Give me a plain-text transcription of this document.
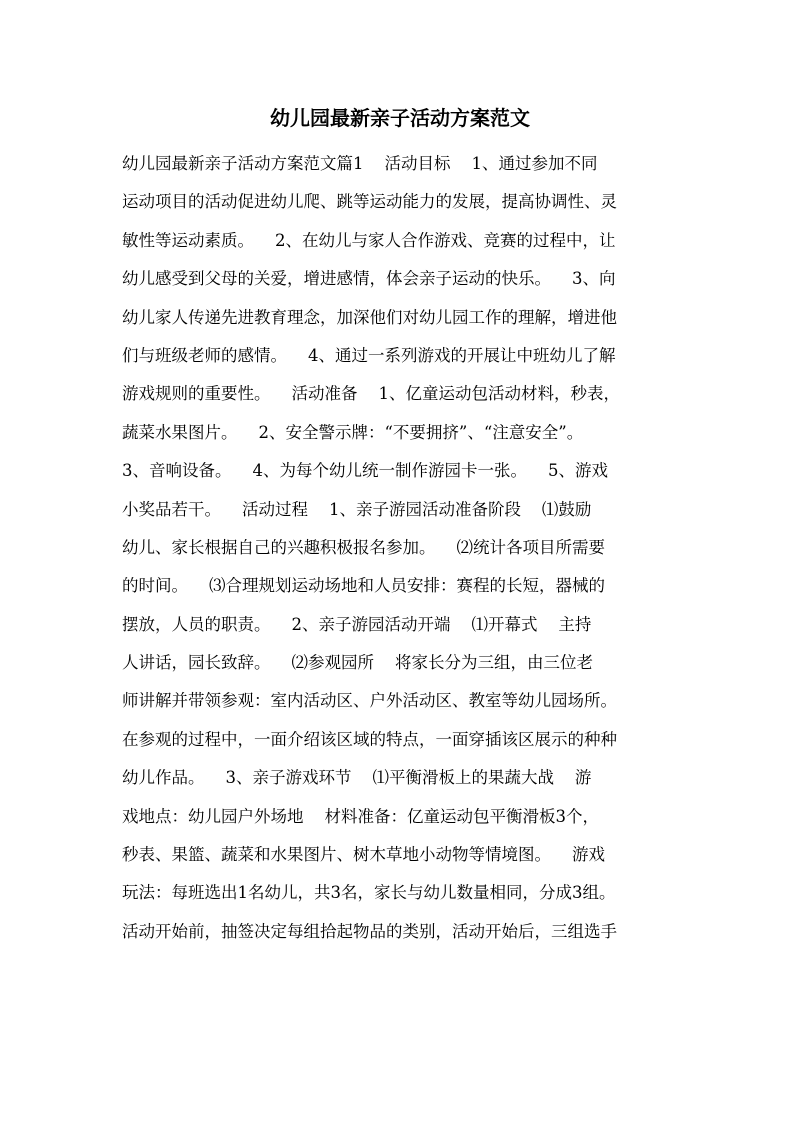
幼儿园最新亲子活动方案范文
幼儿园最新亲子活动方案范文篇1    活动目标    1、通过参加不同
运动项目的活动促进幼儿爬、跳等运动能力的发展，提高协调性、灵
敏性等运动素质。    2、在幼儿与家人合作游戏、竞赛的过程中，让
幼儿感受到父母的关爱，增进感情，体会亲子运动的快乐。    3、向
幼儿家人传递先进教育理念，加深他们对幼儿园工作的理解，增进他
们与班级老师的感情。    4、通过一系列游戏的开展让中班幼儿了解
游戏规则的重要性。    活动准备    1、亿童运动包活动材料，秒表，
蔬菜水果图片。    2、安全警示牌：“不要拥挤”、“注意安全”。
3、音响设备。    4、为每个幼儿统一制作游园卡一张。    5、游戏
小奖品若干。    活动过程    1、亲子游园活动准备阶段    ⑴鼓励
幼儿、家长根据自己的兴趣积极报名参加。    ⑵统计各项目所需要
的时间。    ⑶合理规划运动场地和人员安排：赛程的长短，器械的
摆放，人员的职责。    2、亲子游园活动开端    ⑴开幕式    主持
人讲话，园长致辞。    ⑵参观园所    将家长分为三组，由三位老
师讲解并带领参观：室内活动区、户外活动区、教室等幼儿园场所。
在参观的过程中，一面介绍该区域的特点，一面穿插该区展示的种种
幼儿作品。    3、亲子游戏环节    ⑴平衡滑板上的果蔬大战    游
戏地点：幼儿园户外场地    材料准备：亿童运动包平衡滑板3个，
秒表、果篮、蔬菜和水果图片、树木草地小动物等情境图。    游戏
玩法：每班选出1名幼儿，共3名，家长与幼儿数量相同，分成3组。
活动开始前，抽签决定每组拾起物品的类别，活动开始后，三组选手
